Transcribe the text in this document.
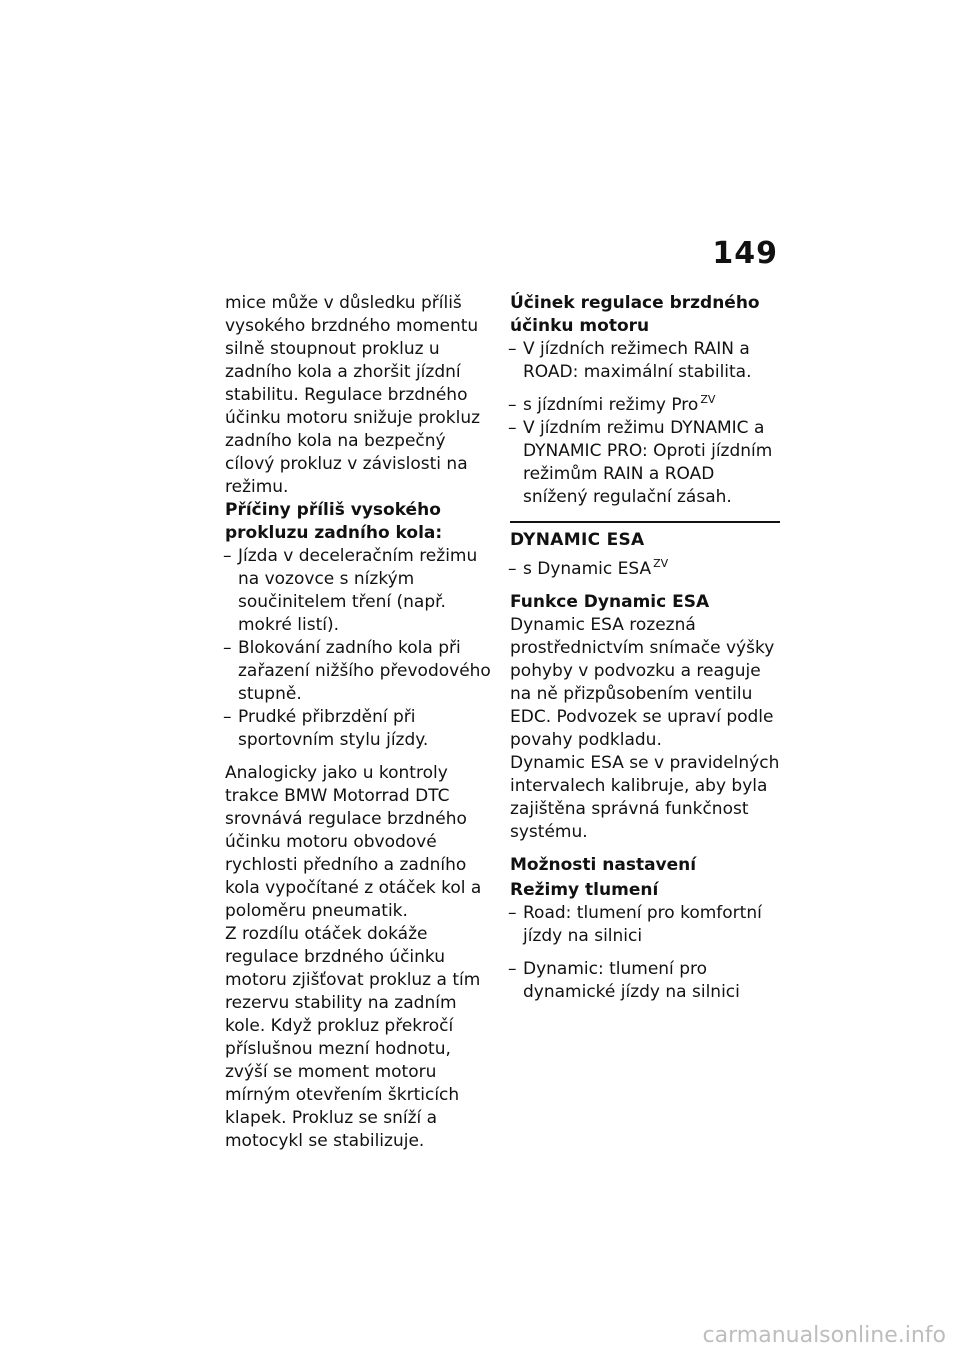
149

mice může v důsledku příliš vysokého brzdného momentu silně stoupnout prokluz u zadního kola a zhoršit jízdní stabilitu. Regulace brzdného účinku motoru snižuje prokluz zadního kola na bezpečný cílový prokluz v závislosti na režimu.

Příčiny příliš vysokého prokluzu zadního kola:

– Jízda v deceleračním režimu na vozovce s nízkým součinitelem tření (např. mokré listí).
– Blokování zadního kola při zařazení nižšího převodového stupně.
– Prudké přibrzdění při sportovním stylu jízdy.

Analogicky jako u kontroly trakce BMW Motorrad DTC srovnává regulace brzdného účinku motoru obvodové rychlosti předního a zadního kola vypočítané z otáček kol a poloměru pneumatik.

Z rozdílu otáček dokáže regulace brzdného účinku motoru zjišťovat prokluz a tím rezervu stability na zadním kole. Když prokluz překročí příslušnou mezní hodnotu, zvýší se moment motoru mírným otevřením škrticích klapek. Prokluz se sníží a motocykl se stabilizuje.

Účinek regulace brzdného účinku motoru

– V jízdních režimech RAIN a ROAD: maximální stabilita.
– s jízdními režimy Pro $^{ZV}$
– V jízdním režimu DYNAMIC a DYNAMIC PRO: Oproti jízdním režimům RAIN a ROAD snížený regulační zásah.

DYNAMIC ESA

– s Dynamic ESA $^{ZV}$

Funkce Dynamic ESA

Dynamic ESA rozezná prostřednictvím snímače výšky pohyby v podvozku a reaguje na ně přizpůsobením ventilu EDC. Podvozek se upraví podle povahy podkladu.

Dynamic ESA se v pravidelných intervalech kalibruje, aby byla zajištěna správná funkčnost systému.

Možnosti nastavení

Režimy tlumení

– Road: tlumení pro komfortní jízdy na silnici
– Dynamic: tlumení pro dynamické jízdy na silnici
carmanualsonline.info
